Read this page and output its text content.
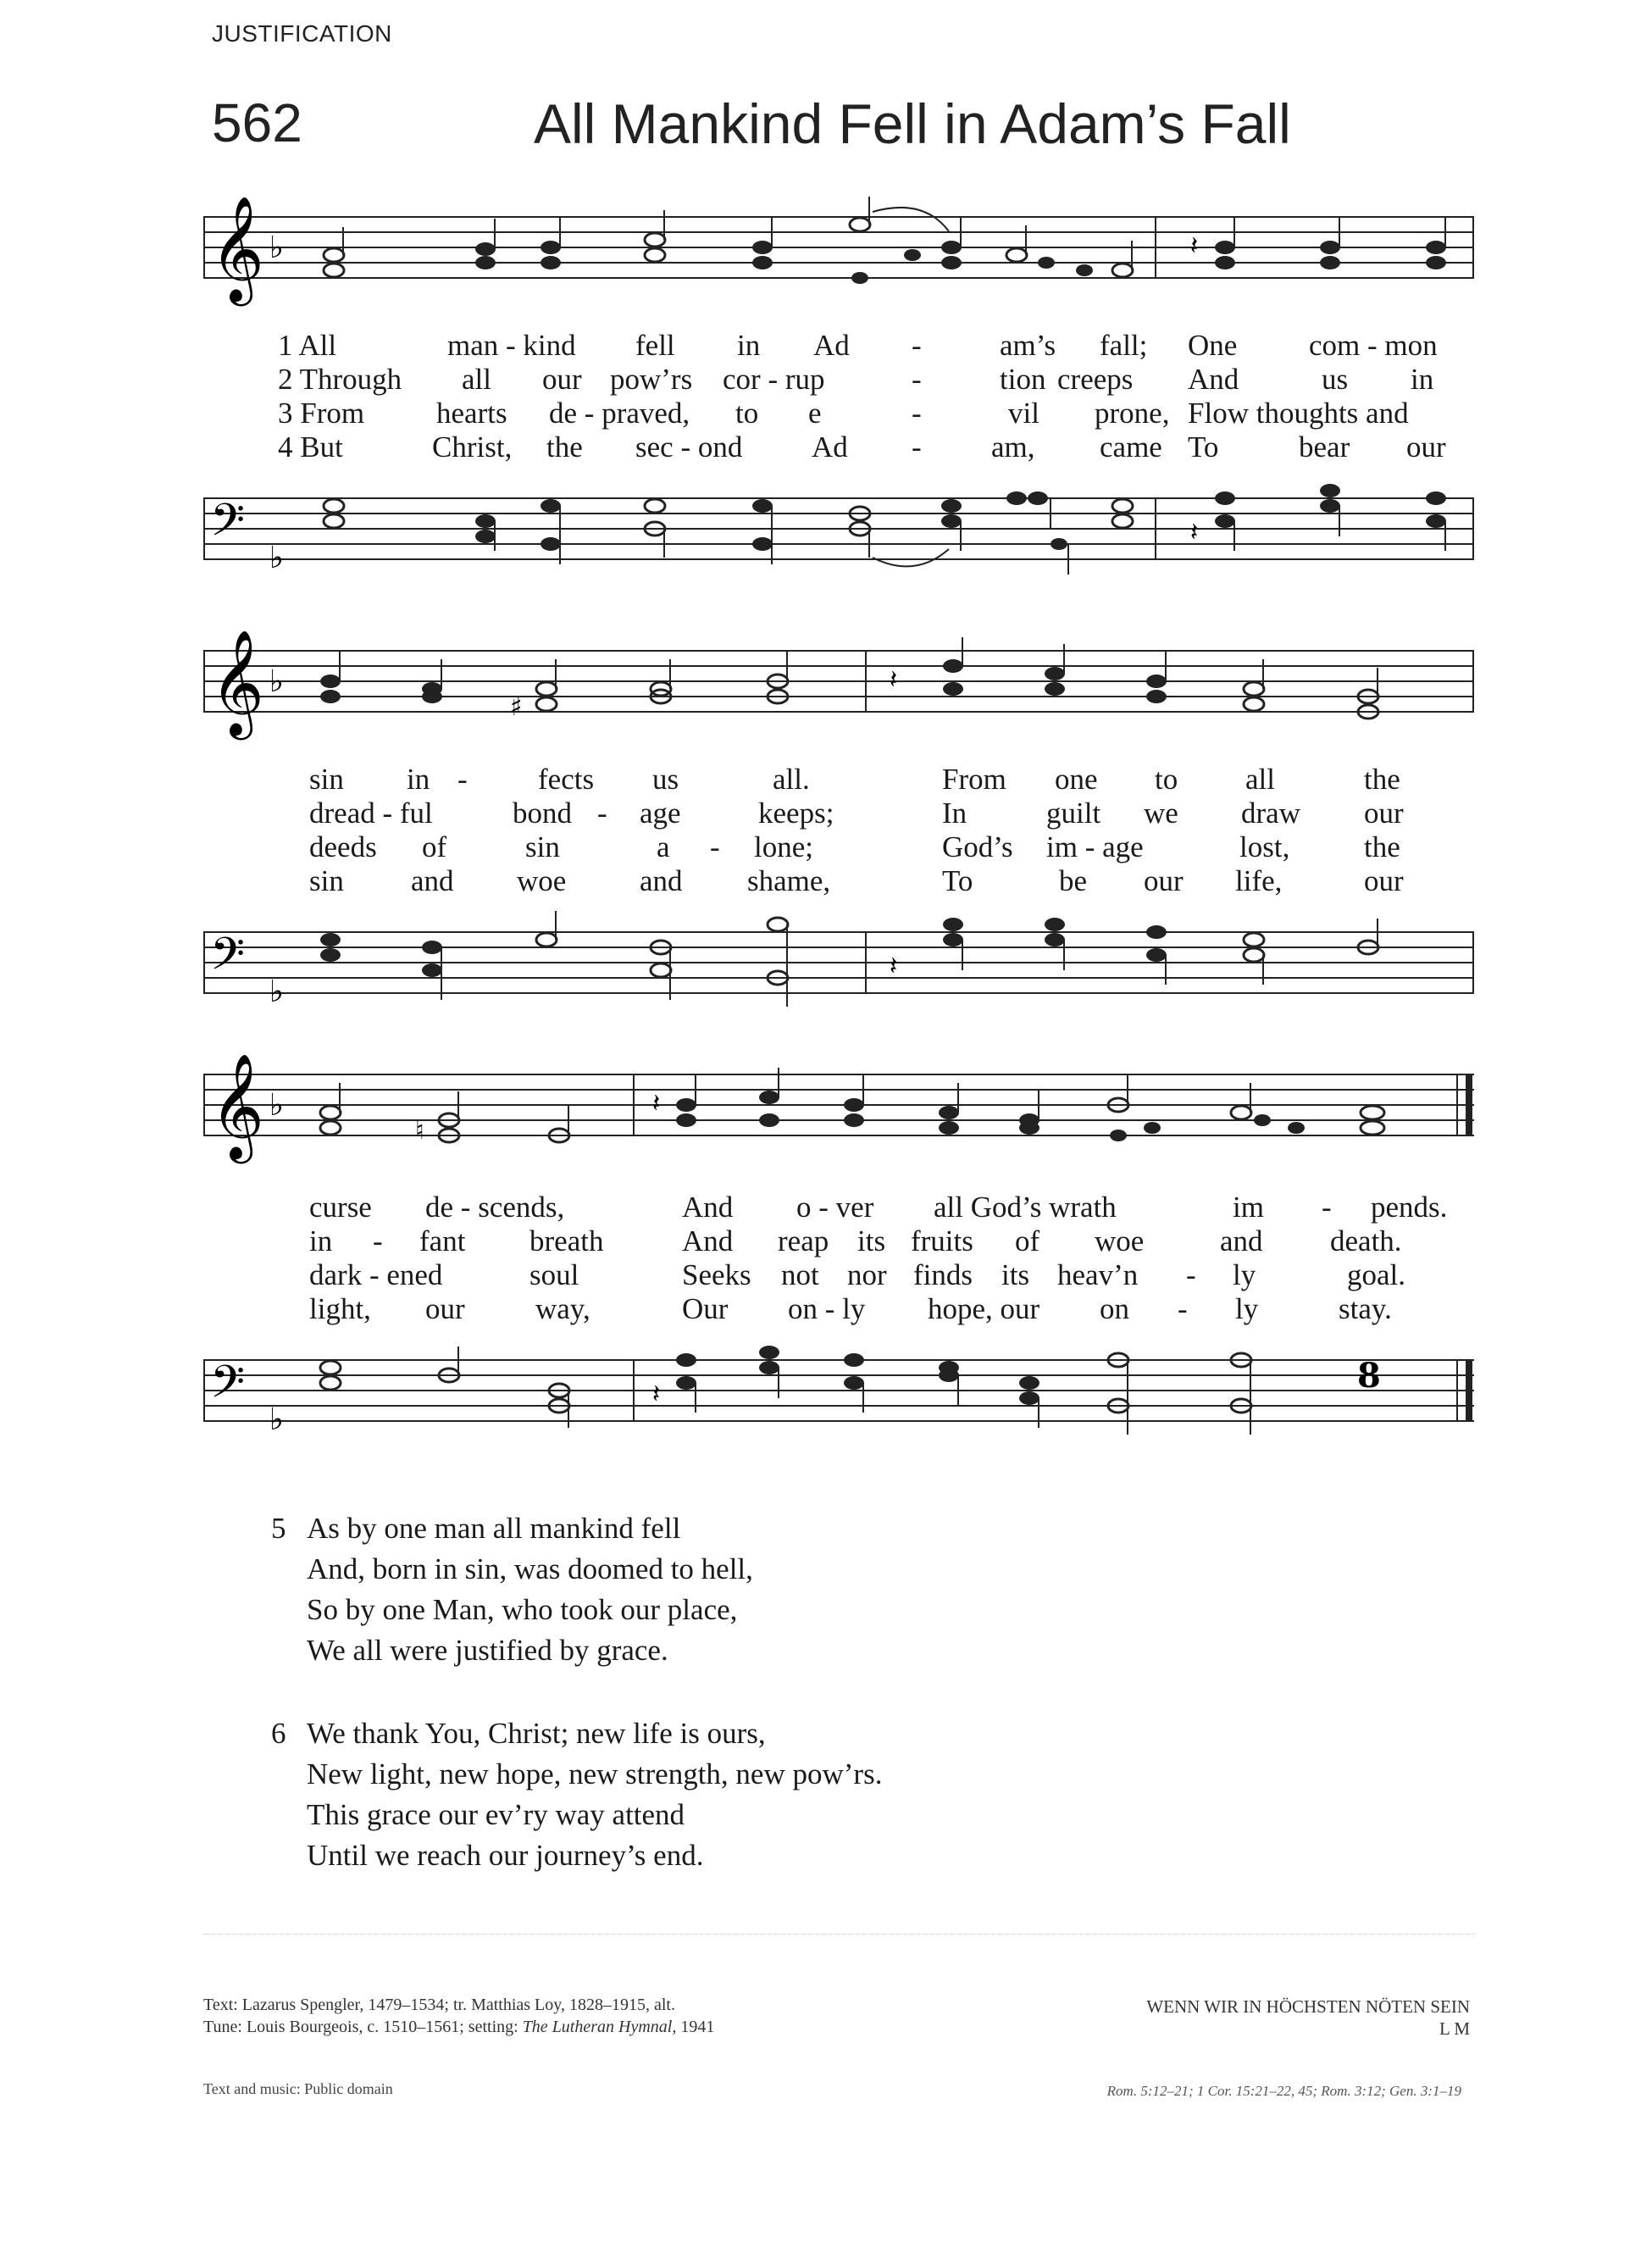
JUSTIFICATION
562	All Mankind Fell in Adam’s Fall
𝄞 ♭	𝄽
1 All	man - kind fell in Ad -	am’s fall; One com - mon
2 Through all our pow’rs cor - rup	-	tion creeps And	us in
3 From hearts de - praved, to e	-	vil prone, Flow thoughts and
4 But	Christ, the sec - ond Ad - am, came To	bear our
𝄢
♭
𝄽
𝄞 ♭
♯
𝄽
sin in - fects us	all.	From one to all	the
dread - ful	bond - age	keeps;	In	guilt we draw our
deeds of	sin	a - lone;	God’s im - age	lost,	the
sin and woe and shame,	To	be our life,	our
𝄢
♭
𝄽
𝄞 ♭
♮
𝄽
curse de - scends,	And o - ver all God’s wrath	im - pends.
in - fant breath	And reap its fruits of woe	and death.
dark - ened	soul	Seeks not nor finds its heav’n - ly	goal.
light, our way,	Our on - ly hope, our on - ly	stay.
𝄢
♭
8
𝄽
5 As by one man all mankind fell
And, born in sin, was doomed to hell,
So by one Man, who took our place,
We all were justified by grace.
6 We thank You, Christ; new life is ours,
New light, new hope, new strength, new pow’rs.
This grace our ev’ry way attend
Until we reach our journey’s end.
Text: Lazarus Spengler, 1479–1534; tr. Matthias Loy, 1828–1915, alt.
Tune: Louis Bourgeois, c. 1510–1561; setting: The Lutheran Hymnal, 1941
WENN WIR IN HÖCHSTEN NÖTEN SEIN
L M
Text and music: Public domain	Rom. 5:12–21; 1 Cor. 15:21–22, 45; Rom. 3:12; Gen. 3:1–19
